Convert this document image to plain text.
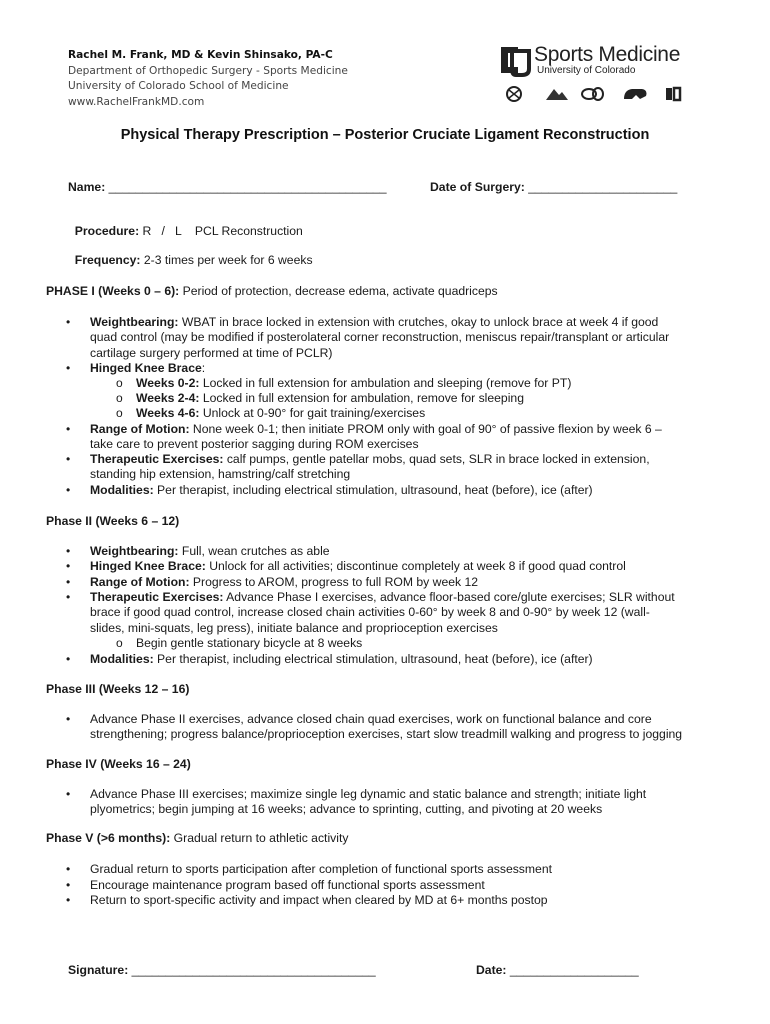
Rachel M. Frank, MD & Kevin Shinsako, PA-C
Department of Orthopedic Surgery - Sports Medicine
University of Colorado School of Medicine
www.RachelFrankMD.com
Sports Medicine
University of Colorado
Physical Therapy Prescription – Posterior Cruciate Ligament Reconstruction
Name: _________________________________________	Date of Surgery: ______________________

Procedure: R   /   L    PCL Reconstruction

Frequency: 2-3 times per week for 6 weeks

PHASE I (Weeks 0 – 6): Period of protection, decrease edema, activate quadriceps
• Weightbearing: WBAT in brace locked in extension with crutches, okay to unlock brace at week 4 if good
quad control (may be modified if posterolateral corner reconstruction, meniscus repair/transplant or articular
cartilage surgery performed at time of PCLR)
• Hinged Knee Brace:
o Weeks 0-2: Locked in full extension for ambulation and sleeping (remove for PT)
o Weeks 2-4: Locked in full extension for ambulation, remove for sleeping
o Weeks 4-6: Unlock at 0-90° for gait training/exercises
• Range of Motion: None week 0-1; then initiate PROM only with goal of 90° of passive flexion by week 6 –
take care to prevent posterior sagging during ROM exercises
• Therapeutic Exercises: calf pumps, gentle patellar mobs, quad sets, SLR in brace locked in extension,
standing hip extension, hamstring/calf stretching
• Modalities: Per therapist, including electrical stimulation, ultrasound, heat (before), ice (after)
Phase II (Weeks 6 – 12)
• Weightbearing: Full, wean crutches as able
• Hinged Knee Brace: Unlock for all activities; discontinue completely at week 8 if good quad control
• Range of Motion: Progress to AROM, progress to full ROM by week 12
• Therapeutic Exercises: Advance Phase I exercises, advance floor-based core/glute exercises; SLR without
brace if good quad control, increase closed chain activities 0-60° by week 8 and 0-90° by week 12 (wall-
slides, mini-squats, leg press), initiate balance and proprioception exercises
o Begin gentle stationary bicycle at 8 weeks
• Modalities: Per therapist, including electrical stimulation, ultrasound, heat (before), ice (after)
Phase III (Weeks 12 – 16)
• Advance Phase II exercises, advance closed chain quad exercises, work on functional balance and core
strengthening; progress balance/proprioception exercises, start slow treadmill walking and progress to jogging
Phase IV (Weeks 16 – 24)
• Advance Phase III exercises; maximize single leg dynamic and static balance and strength; initiate light
plyometrics; begin jumping at 16 weeks; advance to sprinting, cutting, and pivoting at 20 weeks
Phase V (>6 months): Gradual return to athletic activity
• Gradual return to sports participation after completion of functional sports assessment
• Encourage maintenance program based off functional sports assessment
• Return to sport-specific activity and impact when cleared by MD at 6+ months postop
Signature: ____________________________________	Date: ___________________
